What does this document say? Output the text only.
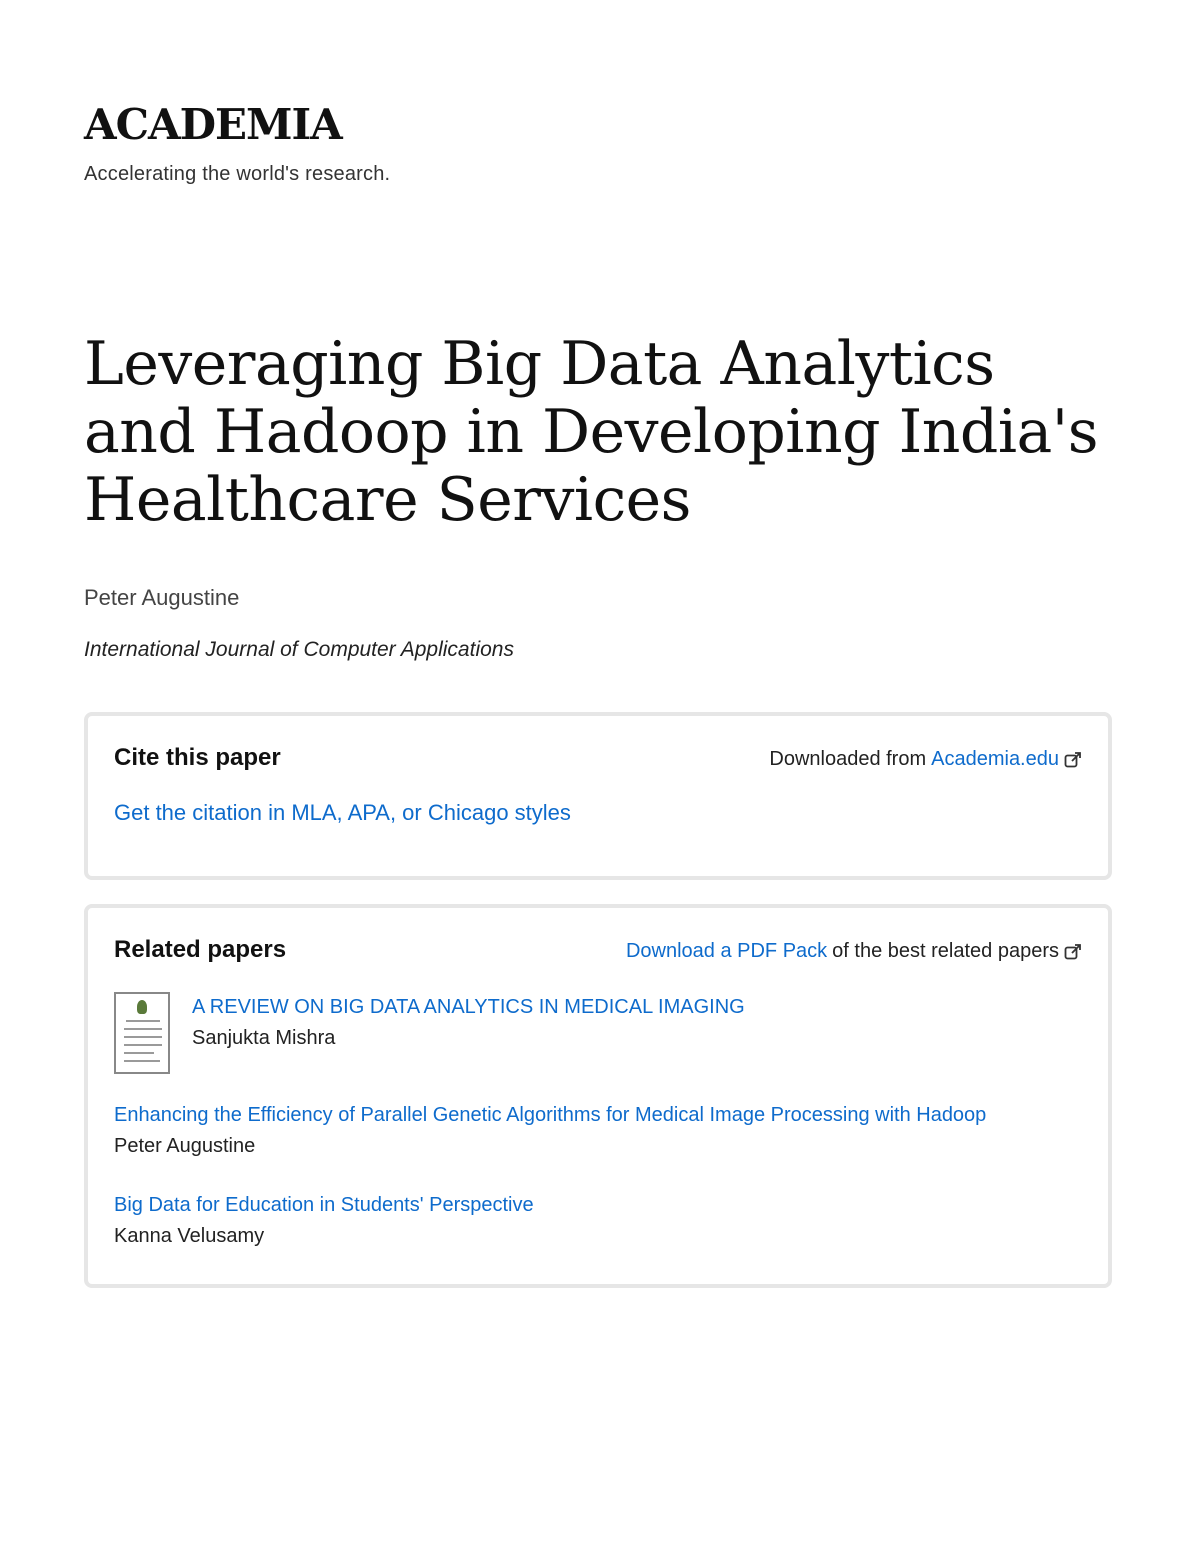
ACADEMIA
Accelerating the world's research.
Leveraging Big Data Analytics and Hadoop in Developing India's Healthcare Services
Peter Augustine
International Journal of Computer Applications
Cite this paper	Downloaded from Academia.edu
Get the citation in MLA, APA, or Chicago styles
Related papers	Download a PDF Pack of the best related papers
A REVIEW ON BIG DATA ANALYTICS IN MEDICAL IMAGING
Sanjukta Mishra
Enhancing the Efficiency of Parallel Genetic Algorithms for Medical Image Processing with Hadoop
Peter Augustine
Big Data for Education in Students' Perspective
Kanna Velusamy
